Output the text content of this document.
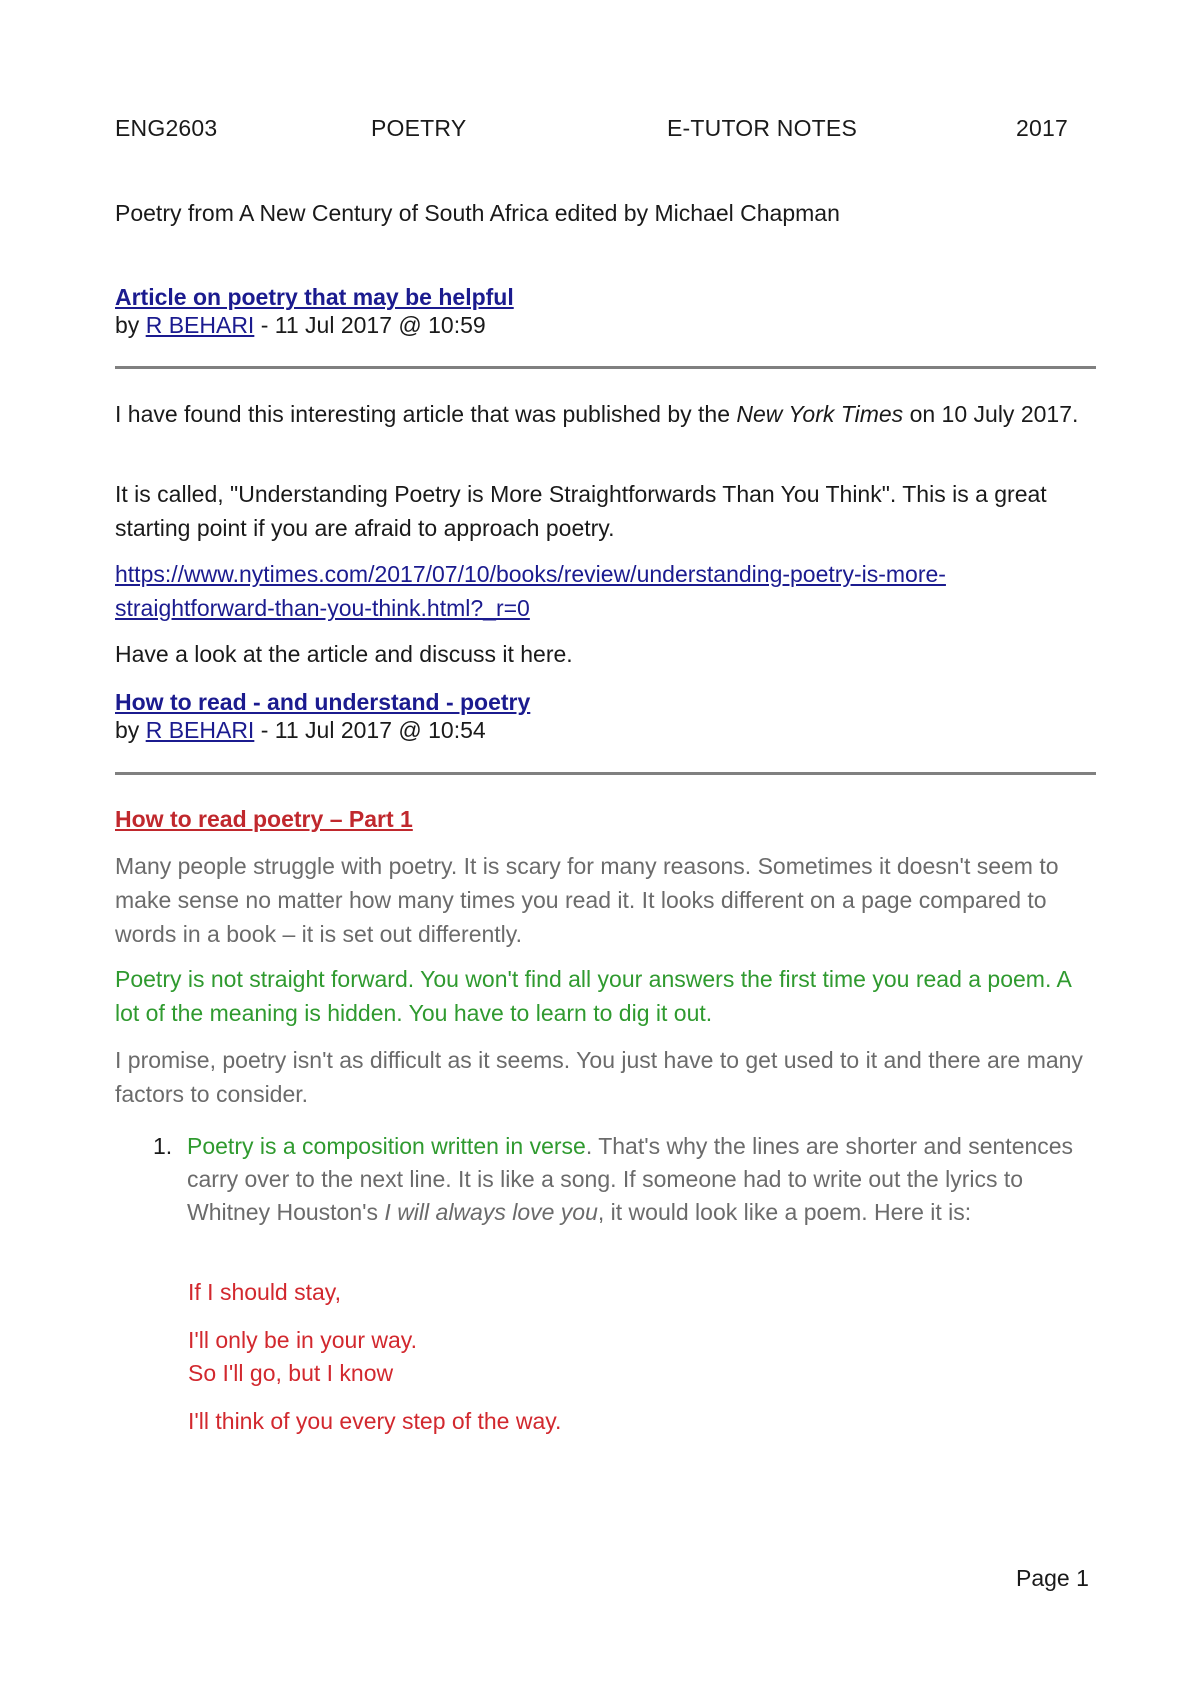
ENG2603	POETRY	E-TUTOR NOTES	2017
Poetry from A New Century of South Africa edited by Michael Chapman
Article on poetry that may be helpful
by R BEHARI - 11 Jul 2017 @ 10:59

I have found this interesting article that was published by the New York Times on 10 July 2017.

It is called, "Understanding Poetry is More Straightforwards Than You Think". This is a great starting point if you are afraid to approach poetry.

https://www.nytimes.com/2017/07/10/books/review/understanding-poetry-is-more-
straightforward-than-you-think.html?_r=0

Have a look at the article and discuss it here.

How to read - and understand - poetry
by R BEHARI - 11 Jul 2017 @ 10:54
How to read poetry – Part 1

Many people struggle with poetry. It is scary for many reasons. Sometimes it doesn't seem to make sense no matter how many times you read it. It looks different on a page compared to words in a book – it is set out differently.

Poetry is not straight forward. You won't find all your answers the first time you read a poem. A lot of the meaning is hidden. You have to learn to dig it out.

I promise, poetry isn't as difficult as it seems. You just have to get used to it and there are many factors to consider.

1. Poetry is a composition written in verse. That's why the lines are shorter and sentences carry over to the next line. It is like a song. If someone had to write out the lyrics to Whitney Houston's I will always love you, it would look like a poem. Here it is:

If I should stay,

I'll only be in your way.

So I'll go, but I know

I'll think of you every step of the way.

Page 1
